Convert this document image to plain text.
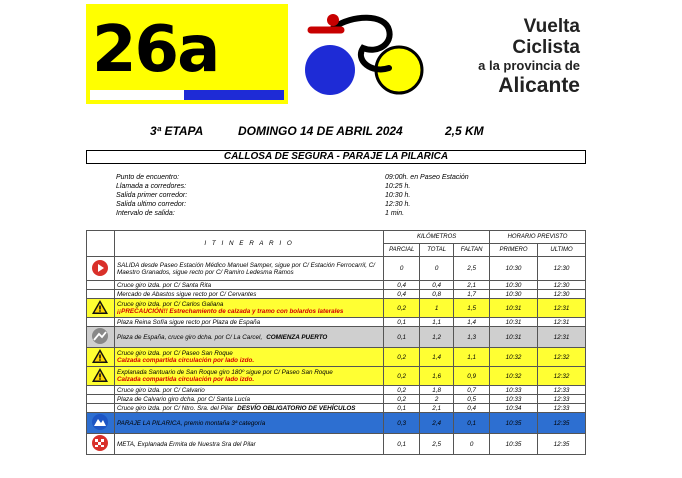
26a	Vuelta
Ciclista
a la provincia de
Alicante
3ª ETAPA	DOMINGO 14 DE ABRIL 2024	2,5 KM
CALLOSA DE SEGURA - PARAJE LA PILARICA
Punto de encuentro:	09:00h. en Paseo Estación
Llamada a corredores:	10:25 h.
Salida primer corredor:	10:30 h.
Salida ultimo corredor:	12:30 h.
Intervalo de salida:	1 min.
	I T I N E R A R I O	KILÓMETROS			HORARIO PREVISTO	
		PARCIAL	TOTAL	FALTAN	PRIMERO	ULTIMO
	SALIDA desde Paseo Estación Médico Manuel Samper, sigue por C/ Estación Ferrocarril, C/ Maestro Granados, sigue recto por C/ Ramiro Ledesma Ramos	0	0	2,5	10:30	12:30
	Cruce giro izda. por C/ Santa Rita	0,4	0,4	2,1	10:30	12:30
	Mercado de Abastos sigue recto por C/ Cervantes	0,4	0,8	1,7	10:30	12:30
	Cruce giro izda. por C/ Carlos Galiana
¡¡PRECAUCIÓN!! Estrechamiento de calzada y tramo con bolardos laterales	0,2	1	1,5	10:31	12:31
	Plaza Reina Sofía sigue recto por Plaza de España	0,1	1,1	1,4	10:31	12:31
	Plaza de España, cruce giro dcha. por C/ La Carcel, COMIENZA PUERTO	0,1	1,2	1,3	10:31	12:31
	Cruce giro izda. por C/ Paseo San Roque
Calzada compartida circulación por lado izdo.	0,2	1,4	1,1	10:32	12:32
	Explanada Santuario de San Roque giro 180º sigue por C/ Paseo San Roque
Calzada compartida circulación por lado izdo.	0,2	1,6	0,9	10:32	12:32
	Cruce giro izda. por C/ Calvario	0,2	1,8	0,7	10:33	12:33
	Plaza de Calvario giro dcha. por C/ Santa Lucía	0,2	2	0,5	10:33	12:33
	Cruce giro izda. por C/ Ntro. Sra. del Pilar DESVÍO OBLIGATORIO DE VEHÍCULOS	0,1	2,1	0,4	10:34	12:33
	PARAJE LA PILARICA, premio montaña 3ª categoría	0,3	2,4	0,1	10:35	12:35
	META, Explanada Ermita de Nuestra Sra del Pilar	0,1	2,5	0	10:35	12:35
